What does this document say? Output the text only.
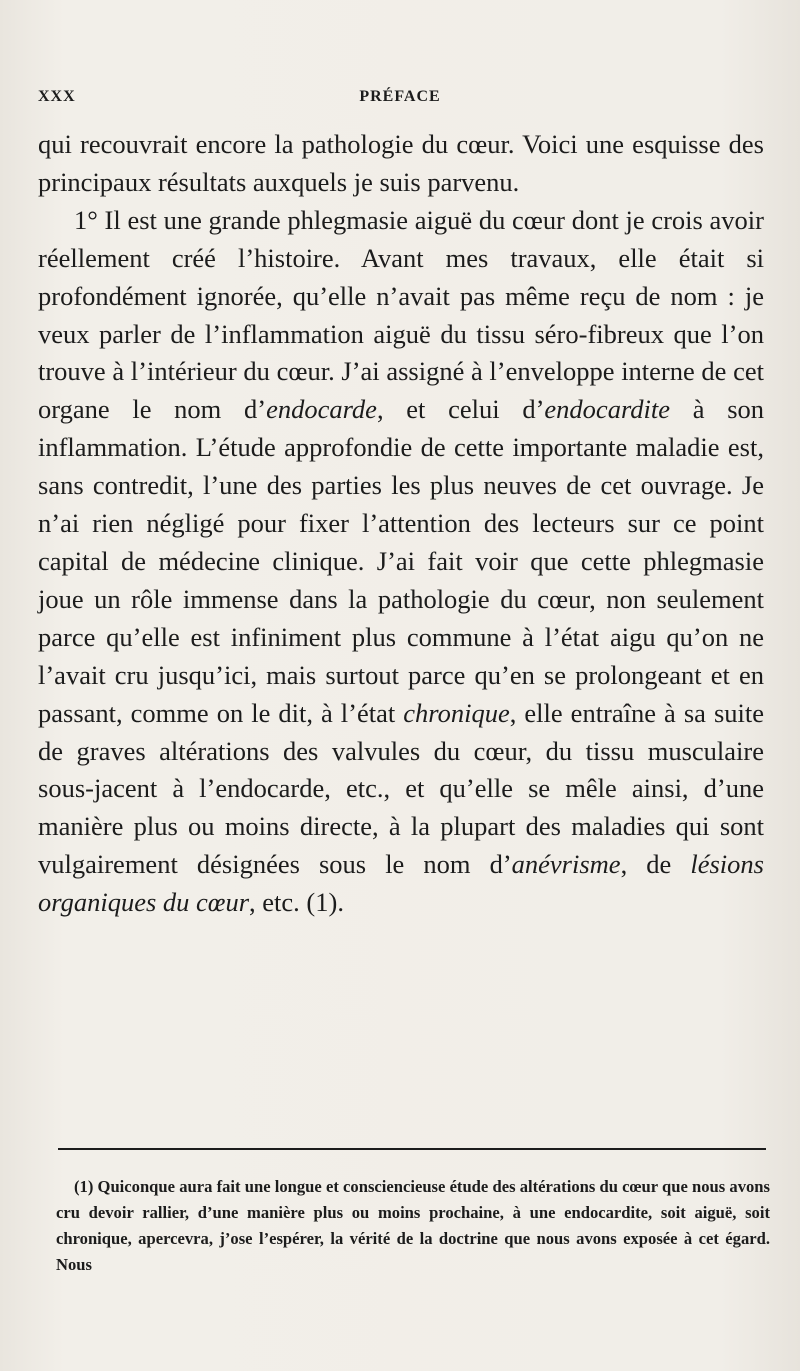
XXX	PRÉFACE

qui recouvrait encore la pathologie du cœur. Voici une esquisse des principaux résultats auxquels je suis parvenu.

1° Il est une grande phlegmasie aiguë du cœur dont je crois avoir réellement créé l’histoire. Avant mes travaux, elle était si profondément ignorée, qu’elle n’avait pas même reçu de nom : je veux parler de l’inflammation aiguë du tissu séro-fibreux que l’on trouve à l’intérieur du cœur. J’ai assigné à l’enveloppe interne de cet organe le nom d’endocarde, et celui d’endocardite à son inflammation. L’étude approfondie de cette importante maladie est, sans contredit, l’une des parties les plus neuves de cet ouvrage. Je n’ai rien négligé pour fixer l’attention des lecteurs sur ce point capital de médecine clinique. J’ai fait voir que cette phlegmasie joue un rôle immense dans la pathologie du cœur, non seulement parce qu’elle est infiniment plus commune à l’état aigu qu’on ne l’avait cru jusqu’ici, mais surtout parce qu’en se prolongeant et en passant, comme on le dit, à l’état chronique, elle entraîne à sa suite de graves altérations des valvules du cœur, du tissu musculaire sous-jacent à l’endocarde, etc., et qu’elle se mêle ainsi, d’une manière plus ou moins directe, à la plupart des maladies qui sont vulgairement désignées sous le nom d’anévrisme, de lésions organiques du cœur, etc. (1).

(1) Quiconque aura fait une longue et consciencieuse étude des altérations du cœur que nous avons cru devoir rallier, d’une manière plus ou moins prochaine, à une endocardite, soit aiguë, soit chronique, apercevra, j’ose l’espérer, la vérité de la doctrine que nous avons exposée à cet égard. Nous
